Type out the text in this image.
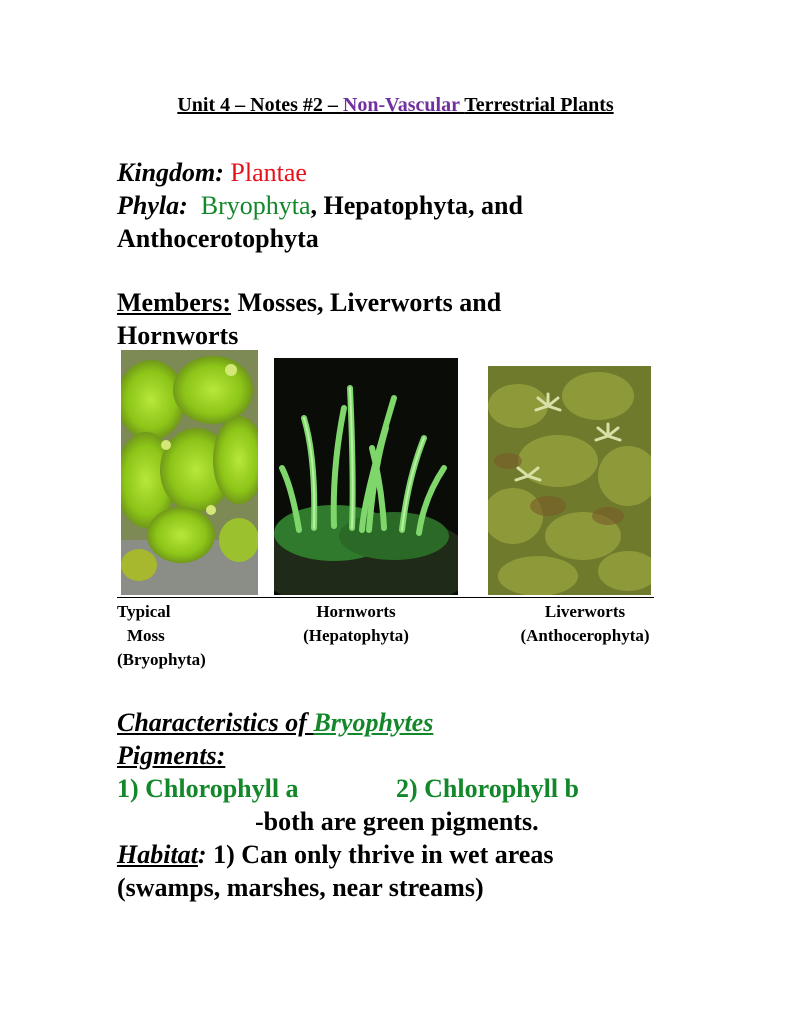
Unit 4 – Notes #2 – Non-Vascular Terrestrial Plants
Kingdom: Plantae
Phyla: Bryophyta, Hepatophyta, and
Anthocerotophyta
Members: Mosses, Liverworts and
Hornworts
Typical
Moss
(Bryophyta)
Hornworts
(Hepatophyta)
Liverworts
(Anthocerophyta)
Characteristics of Bryophytes
Pigments:
1) Chlorophyll a	2) Chlorophyll b
-both are green pigments.
Habitat: 1) Can only thrive in wet areas
(swamps, marshes, near streams)
